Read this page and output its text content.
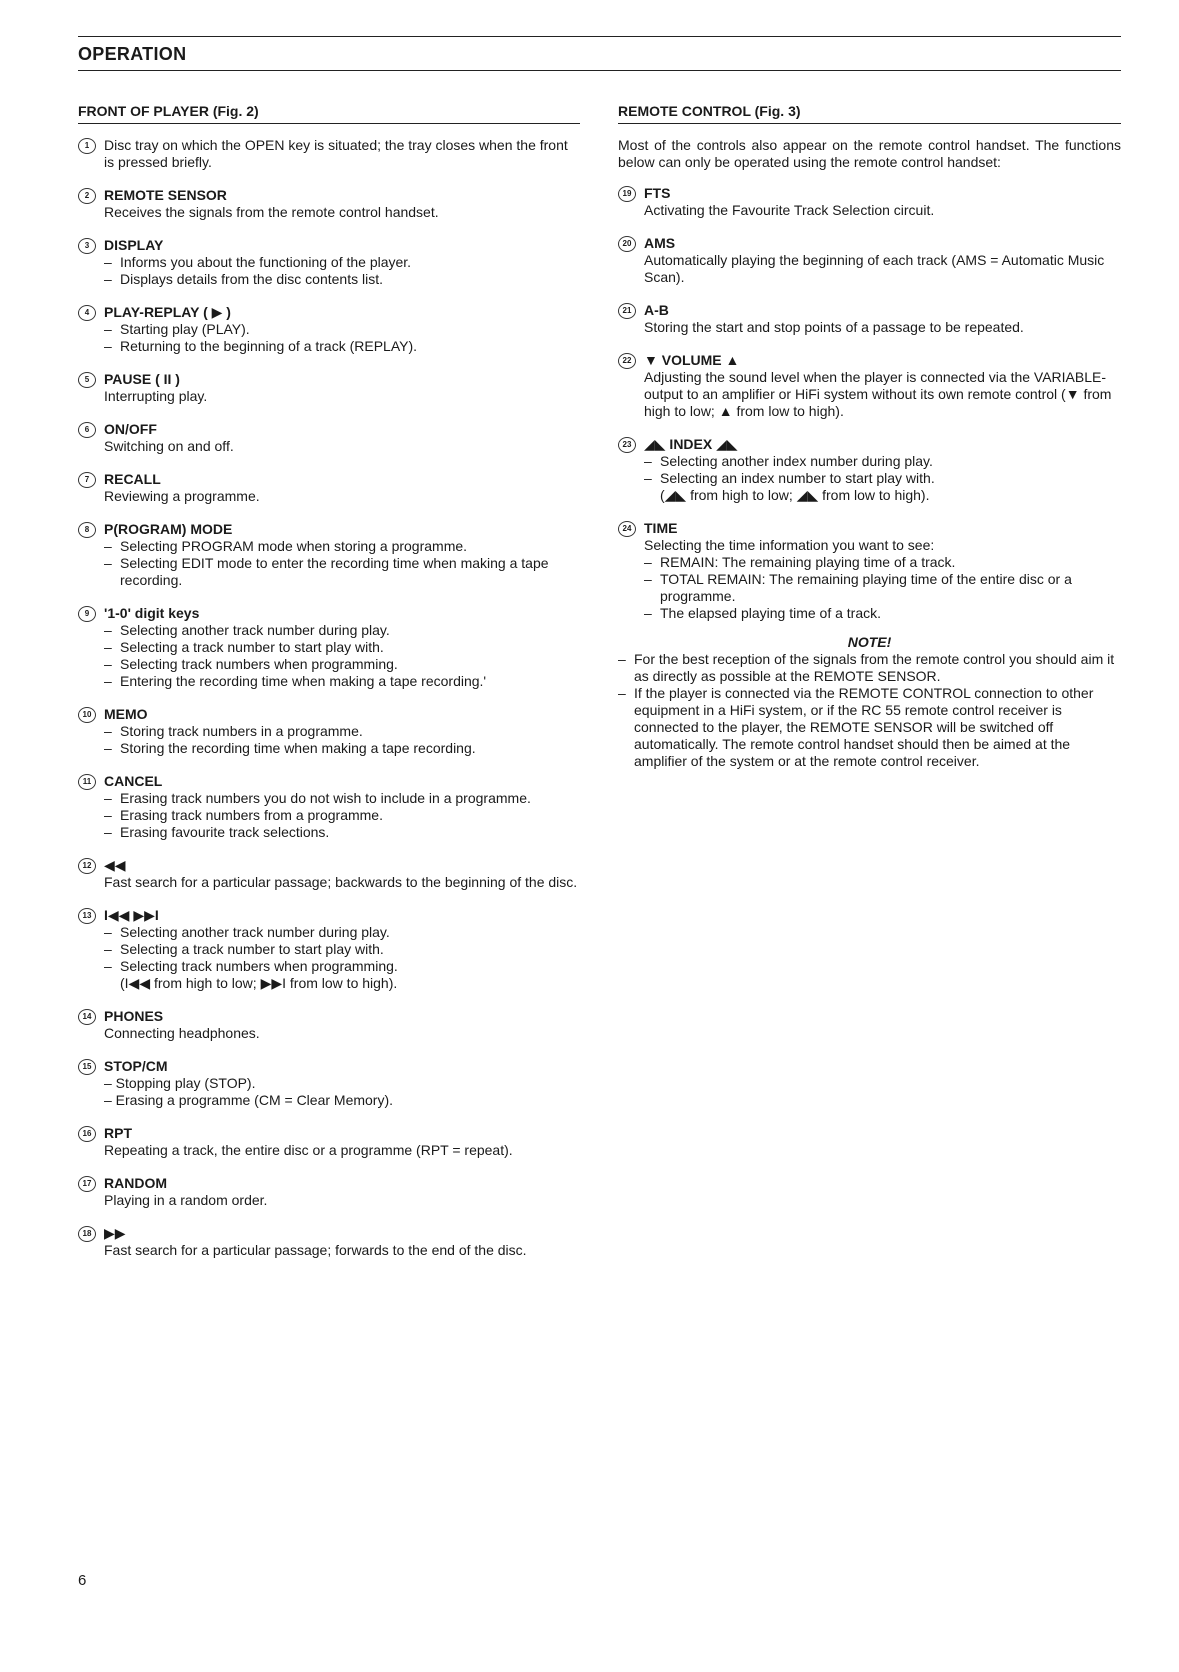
OPERATION
FRONT OF PLAYER (Fig. 2)
1	Disc tray on which the OPEN key is situated; the tray closes when the front is pressed briefly.
2	REMOTE SENSOR
Receives the signals from the remote control handset.
3	DISPLAY
– Informs you about the functioning of the player.
– Displays details from the disc contents list.
4	PLAY-REPLAY ( ▶ )
– Starting play (PLAY).
– Returning to the beginning of a track (REPLAY).
5	PAUSE ( II )
Interrupting play.
6	ON/OFF
Switching on and off.
7	RECALL
Reviewing a programme.
8	P(ROGRAM) MODE
– Selecting PROGRAM mode when storing a programme.
– Selecting EDIT mode to enter the recording time when making a tape recording.
9	'1-0' digit keys
– Selecting another track number during play.
– Selecting a track number to start play with.
– Selecting track numbers when programming.
– Entering the recording time when making a tape recording.'
10 MEMO
– Storing track numbers in a programme.
– Storing the recording time when making a tape recording.
11 CANCEL
– Erasing track numbers you do not wish to include in a programme.
– Erasing track numbers from a programme.
– Erasing favourite track selections.
12 ◀◀
Fast search for a particular passage; backwards to the beginning of the disc.
13 I◀◀ ▶▶I
– Selecting another track number during play.
– Selecting a track number to start play with.
– Selecting track numbers when programming.
(I◀◀ from high to low; ▶▶I from low to high).
14 PHONES
Connecting headphones.
15 STOP/CM
– Stopping play (STOP).
– Erasing a programme (CM = Clear Memory).
16 RPT
Repeating a track, the entire disc or a programme (RPT = repeat).
17 RANDOM
Playing in a random order.
18 ▶▶
Fast search for a particular passage; forwards to the end of the disc.
REMOTE CONTROL (Fig. 3)
Most of the controls also appear on the remote control handset. The functions below can only be operated using the remote control handset:
19 FTS
Activating the Favourite Track Selection circuit.
20 AMS
Automatically playing the beginning of each track (AMS = Automatic Music Scan).
21 A-B
Storing the start and stop points of a passage to be repeated.
22 ▼ VOLUME ▲
Adjusting the sound level when the player is connected via the VARIABLE-output to an amplifier or HiFi system without its own remote control (▼ from high to low; ▲ from low to high).
23 ◢◣ INDEX ◢◣
– Selecting another index number during play.
– Selecting an index number to start play with.
(◢◣ from high to low; ◢◣ from low to high).
24 TIME
Selecting the time information you want to see:
– REMAIN: The remaining playing time of a track.
– TOTAL REMAIN: The remaining playing time of the entire disc or a programme.
– The elapsed playing time of a track.
NOTE!
– For the best reception of the signals from the remote control you should aim it as directly as possible at the REMOTE SENSOR.
– If the player is connected via the REMOTE CONTROL connection to other equipment in a HiFi system, or if the RC 55 remote control receiver is connected to the player, the REMOTE SENSOR will be switched off automatically. The remote control handset should then be aimed at the amplifier of the system or at the remote control receiver.
6
